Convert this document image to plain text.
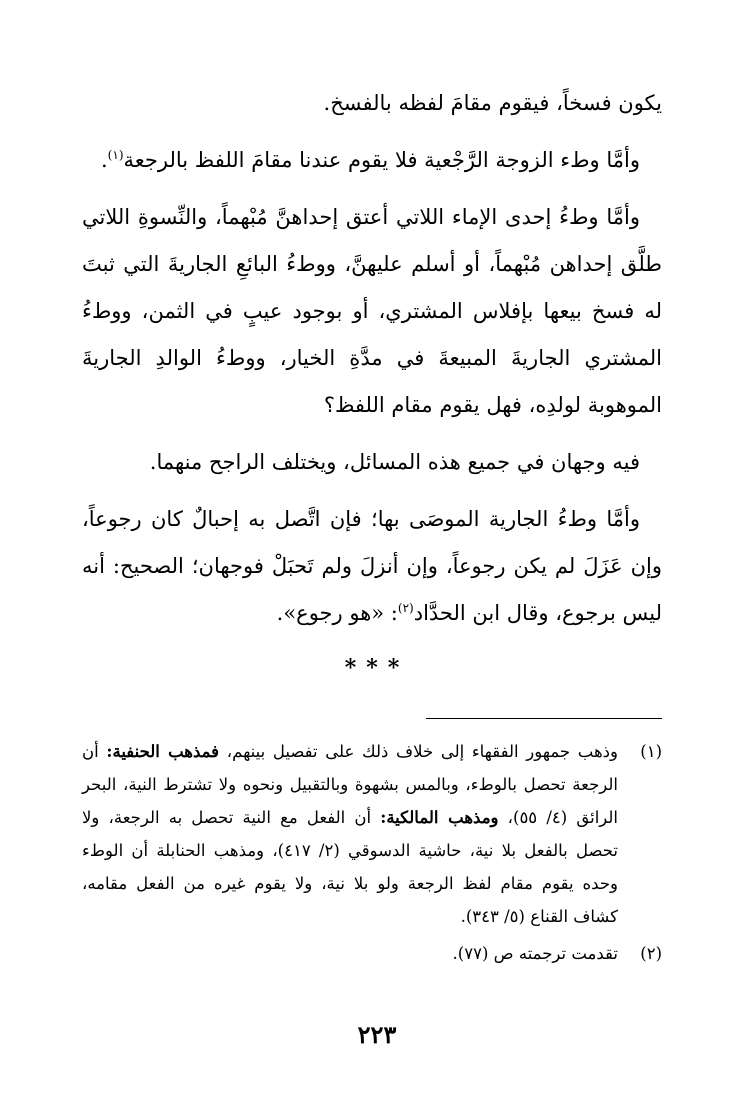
يكون فسخاً، فيقوم مقامَ لفظه بالفسخ.

وأمَّا وطء الزوجة الرَّجْعية فلا يقوم عندنا مقامَ اللفظ بالرجعة$^{(١)}$.

وأمَّا وطءُ إحدى الإماء اللاتي أعتق إحداهنَّ مُبْهماً، والنِّسوةِ اللاتي طلَّق إحداهن مُبْهماً، أو أسلم عليهنَّ، ووطءُ البائعِ الجاريةَ التي ثبتَ له فسخ بيعها بإفلاس المشتري، أو بوجود عيبٍ في الثمن، ووطءُ المشتري الجاريةَ المبيعةَ في مدَّةِ الخيار، ووطءُ الوالدِ الجاريةَ الموهوبة لولدِه، فهل يقوم مقام اللفظ؟

فيه وجهان في جميع هذه المسائل، ويختلف الراجح منهما.

وأمَّا وطءُ الجارية الموصَى بها؛ فإن اتَّصل به إحبالٌ كان رجوعاً، وإن عَزَلَ لم يكن رجوعاً، وإن أنزلَ ولم تَحبَلْ فوجهان؛ الصحيح: أنه ليس برجوع، وقال ابن الحدَّاد$^{(٢)}$: «هو رجوع».

***
(١)
وذهب جمهور الفقهاء إلى خلاف ذلك على تفصيل بينهم، فمذهب الحنفية: أن الرجعة تحصل بالوطء، وبالمس بشهوة وبالتقبيل ونحوه ولا تشترط النية، البحر الرائق (٤/ ٥٥)، ومذهب المالكية: أن الفعل مع النية تحصل به الرجعة، ولا تحصل بالفعل بلا نية، حاشية الدسوقي (٢/ ٤١٧)، ومذهب الحنابلة أن الوطء وحده يقوم مقام لفظ الرجعة ولو بلا نية، ولا يقوم غيره من الفعل مقامه، كشاف القناع (٥/ ٣٤٣).
(٢)
تقدمت ترجمته ص (٧٧).
٢٢٣
